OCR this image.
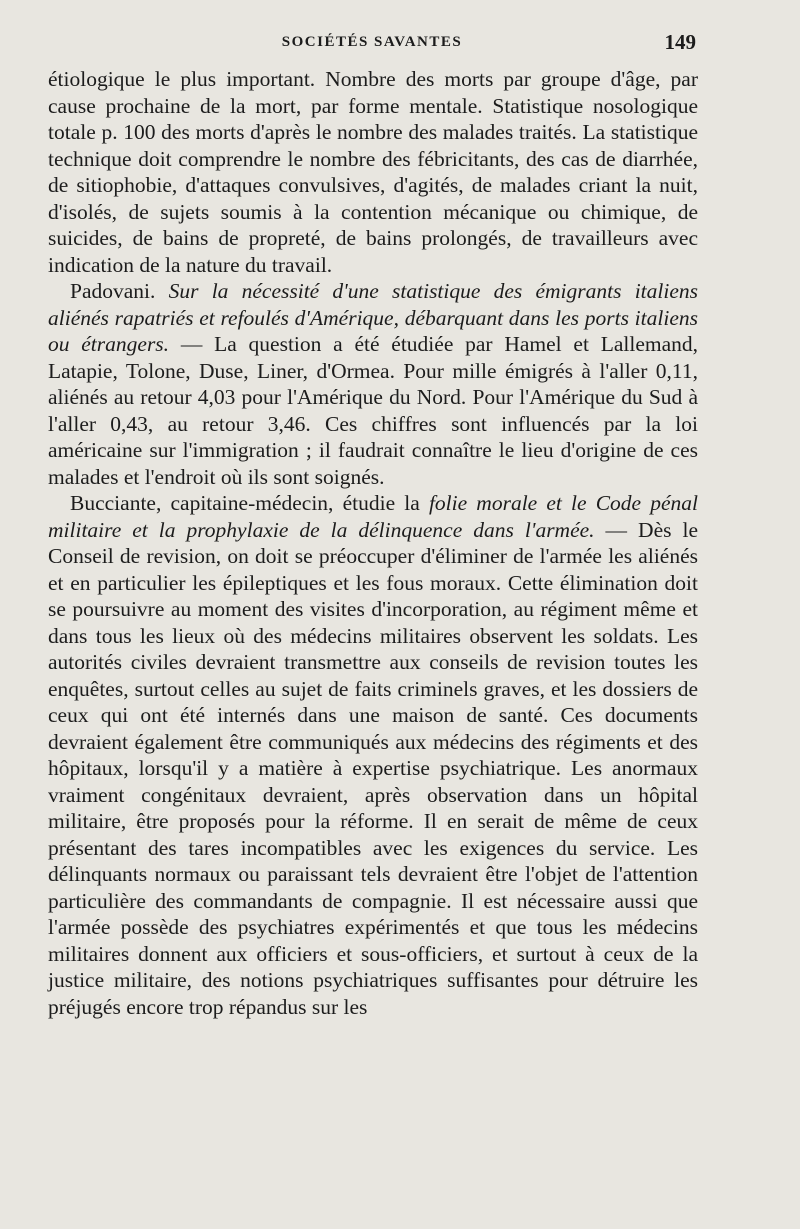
SOCIÉTÉS SAVANTES	149

étiologique le plus important. Nombre des morts par groupe d'âge, par cause prochaine de la mort, par forme mentale. Statistique nosologique totale p. 100 des morts d'après le nombre des malades traités. La statistique technique doit comprendre le nombre des fébricitants, des cas de diarrhée, de sitiophobie, d'attaques convulsives, d'agités, de malades criant la nuit, d'isolés, de sujets soumis à la contention mécanique ou chimique, de suicides, de bains de propreté, de bains prolongés, de travailleurs avec indication de la nature du travail.

Padovani. Sur la nécessité d'une statistique des émigrants italiens aliénés rapatriés et refoulés d'Amérique, débarquant dans les ports italiens ou étrangers. — La question a été étudiée par Hamel et Lallemand, Latapie, Tolone, Duse, Liner, d'Ormea. Pour mille émigrés à l'aller 0,11, aliénés au retour 4,03 pour l'Amérique du Nord. Pour l'Amérique du Sud à l'aller 0,43, au retour 3,46. Ces chiffres sont influencés par la loi américaine sur l'immigration ; il faudrait connaître le lieu d'origine de ces malades et l'endroit où ils sont soignés.

Bucciante, capitaine-médecin, étudie la folie morale et le Code pénal militaire et la prophylaxie de la délinquence dans l'armée. — Dès le Conseil de revision, on doit se préoccuper d'éliminer de l'armée les aliénés et en particulier les épileptiques et les fous moraux. Cette élimination doit se poursuivre au moment des visites d'incorporation, au régiment même et dans tous les lieux où des médecins militaires observent les soldats. Les autorités civiles devraient transmettre aux conseils de revision toutes les enquêtes, surtout celles au sujet de faits criminels graves, et les dossiers de ceux qui ont été internés dans une maison de santé. Ces documents devraient également être communiqués aux médecins des régiments et des hôpitaux, lorsqu'il y a matière à expertise psychiatrique. Les anormaux vraiment congénitaux devraient, après observation dans un hôpital militaire, être proposés pour la réforme. Il en serait de même de ceux présentant des tares incompatibles avec les exigences du service. Les délinquants normaux ou paraissant tels devraient être l'objet de l'attention particulière des commandants de compagnie. Il est nécessaire aussi que l'armée possède des psychiatres expérimentés et que tous les médecins militaires donnent aux officiers et sous-officiers, et surtout à ceux de la justice militaire, des notions psychiatriques suffisantes pour détruire les préjugés encore trop répandus sur les
